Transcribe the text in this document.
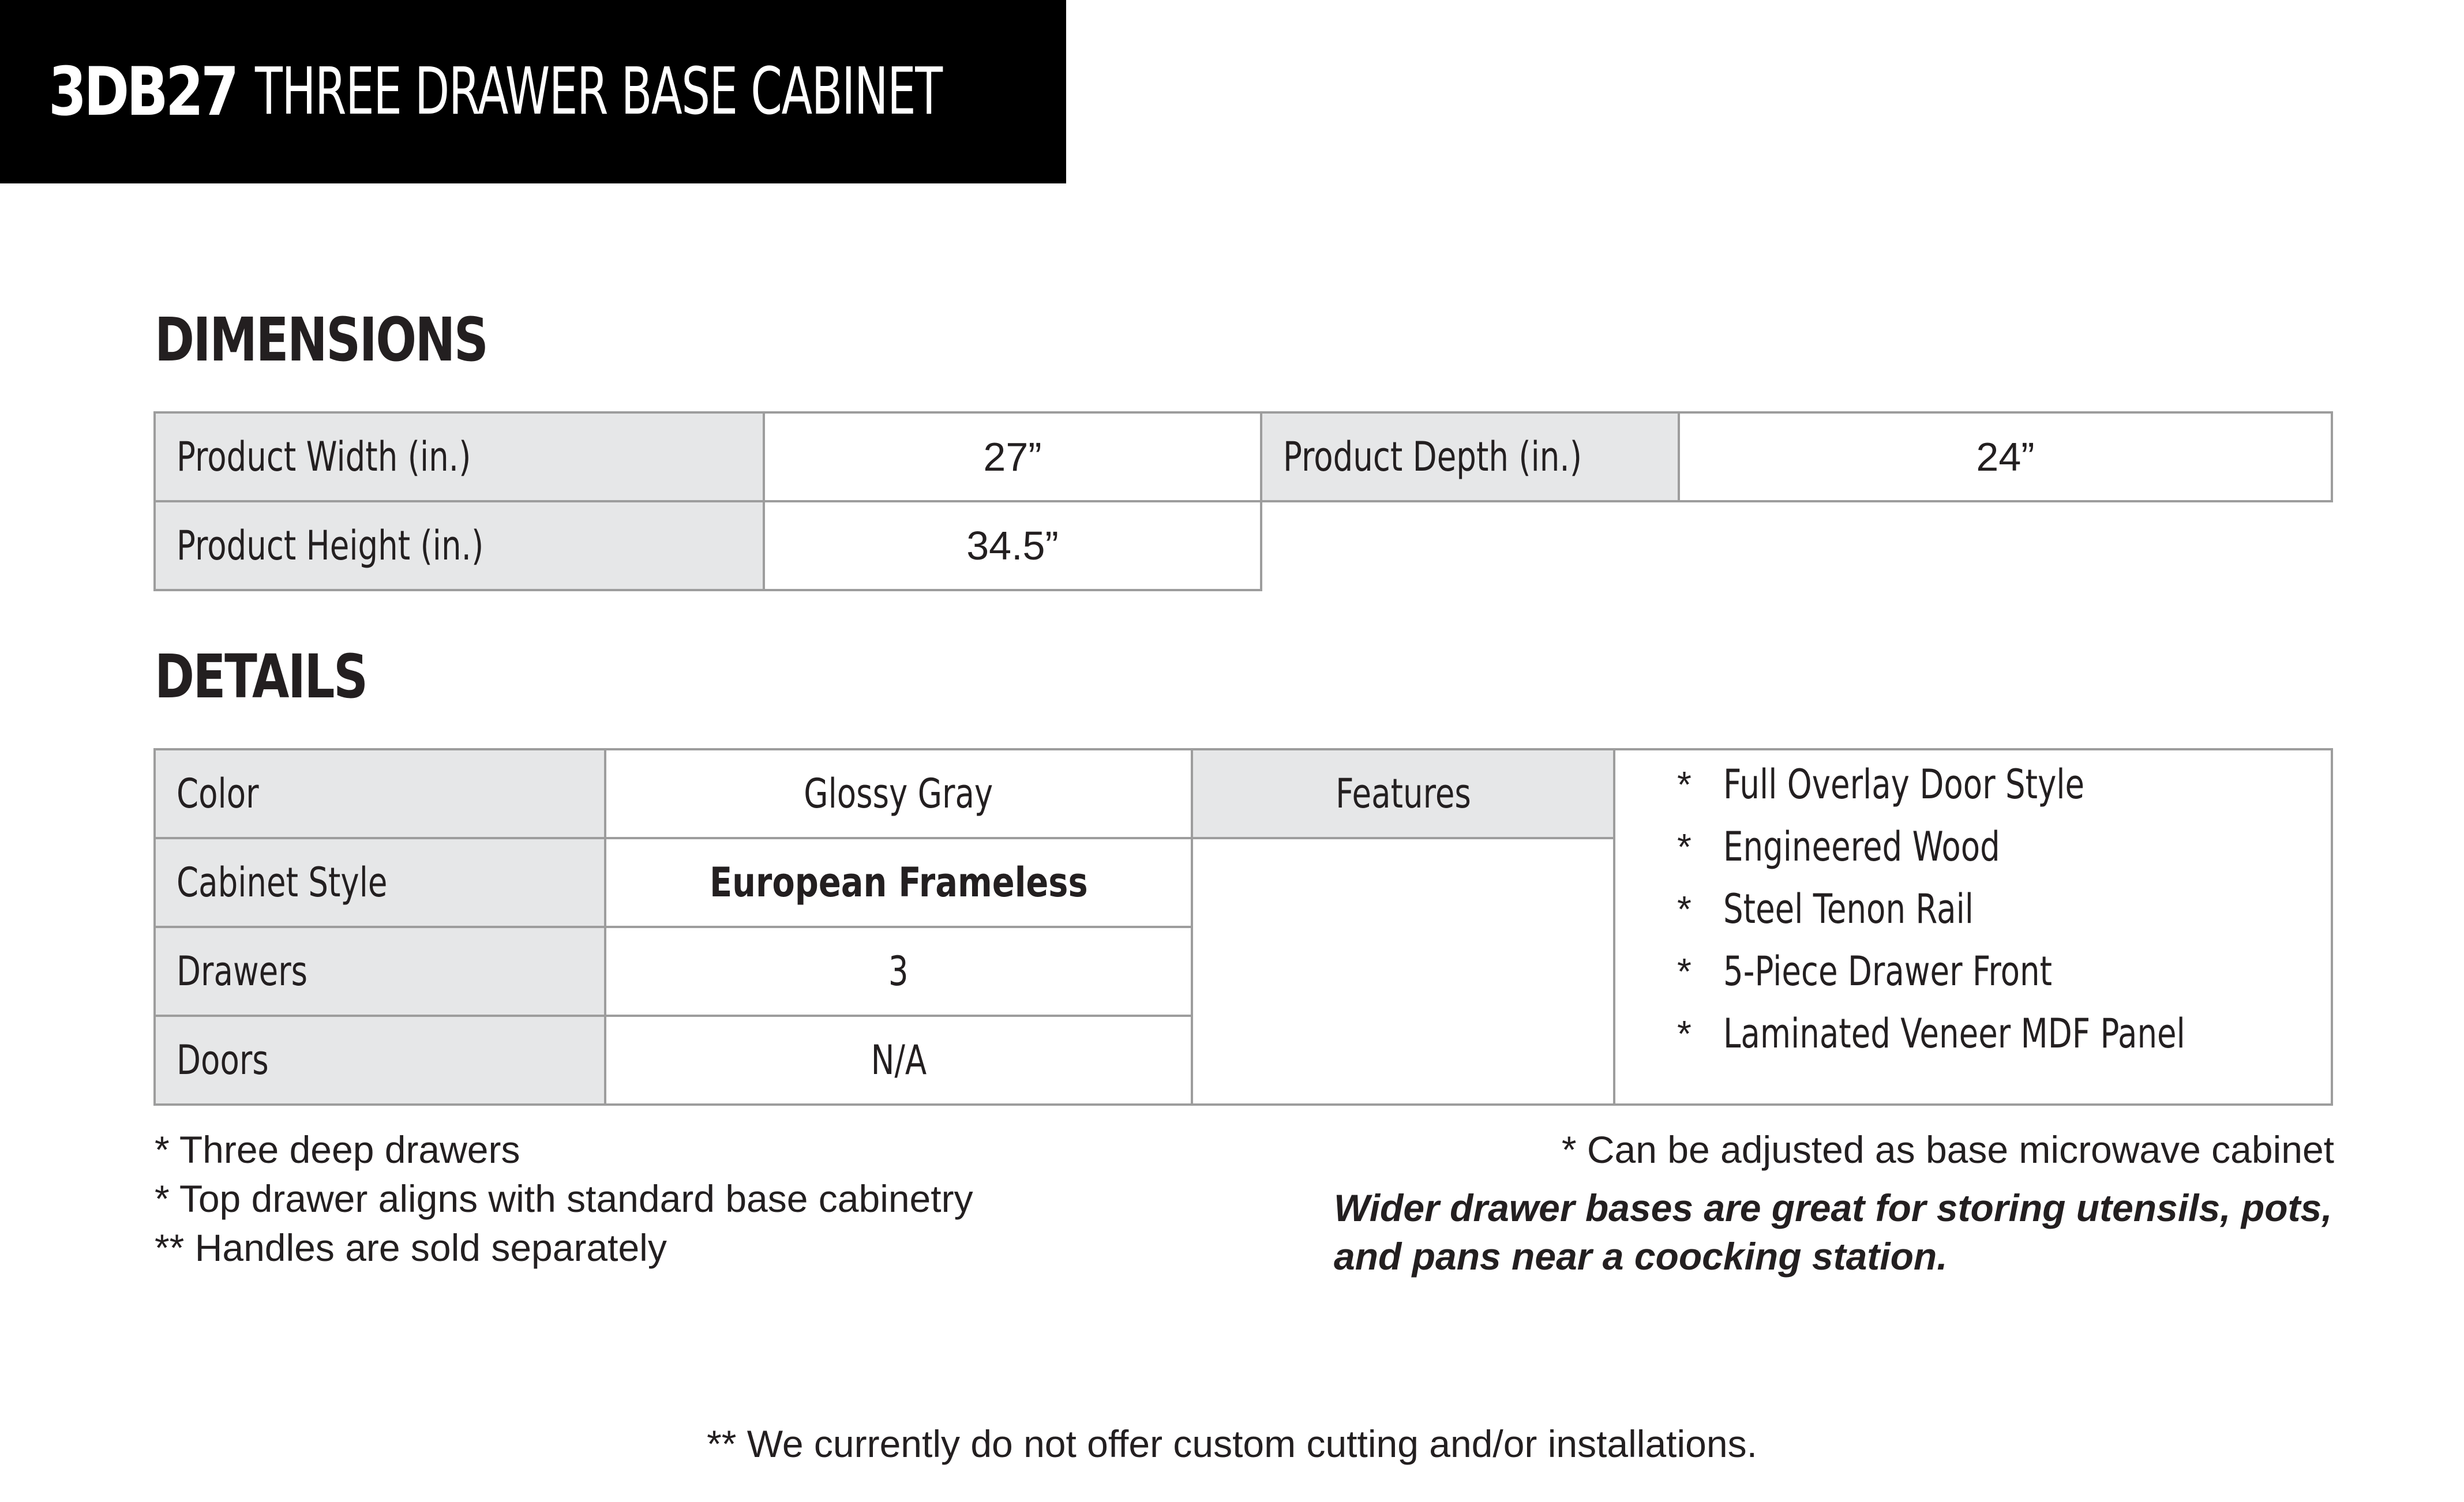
3DB27 THREE DRAWER BASE CABINET
DIMENSIONS
Product Width (in.)	27”	Product Depth (in.)	24”
Product Height (in.)	34.5”
DETAILS
Color	Glossy Gray
Cabinet Style	European Frameless
Drawers	3
Doors	N/A
Features	* Full Overlay Door Style
* Engineered Wood
* Steel Tenon Rail
* 5-Piece Drawer Front
* Laminated Veneer MDF Panel
* Three deep drawers
* Top drawer aligns with standard base cabinetry
** Handles are sold separately
* Can be adjusted as base microwave cabinet
Wider drawer bases are great for storing utensils, pots,
and pans near a coocking station.
** We currently do not offer custom cutting and/or installations.
